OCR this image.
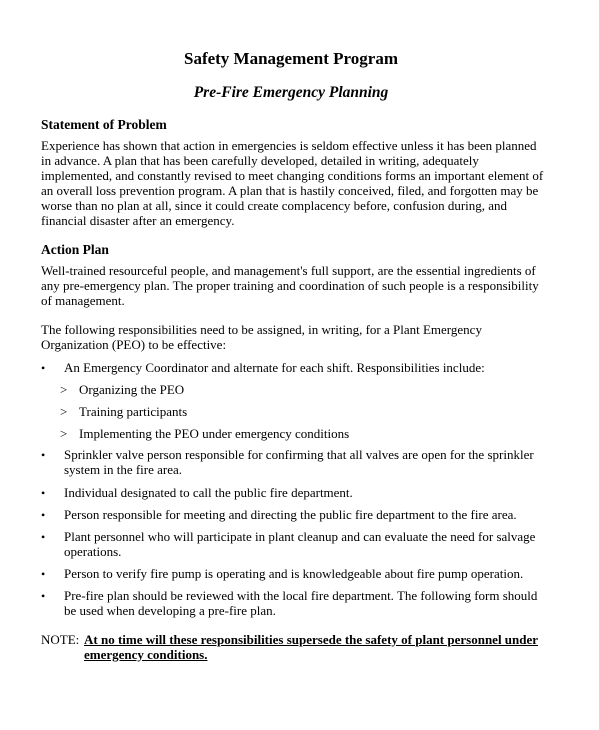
Safety Management Program
Pre-Fire Emergency Planning
Statement of Problem
Experience has shown that action in emergencies is seldom effective unless it has been planned
in advance. A plan that has been carefully developed, detailed in writing, adequately
implemented, and constantly revised to meet changing conditions forms an important element of
an overall loss prevention program. A plan that is hastily conceived, filed, and forgotten may be
worse than no plan at all, since it could create complacency before, confusion during, and
financial disaster after an emergency.
Action Plan
Well-trained resourceful people, and management's full support, are the essential ingredients of
any pre-emergency plan. The proper training and coordination of such people is a responsibility
of management.
The following responsibilities need to be assigned, in writing, for a Plant Emergency
Organization (PEO) to be effective:
• An Emergency Coordinator and alternate for each shift. Responsibilities include:
> Organizing the PEO
> Training participants
> Implementing the PEO under emergency conditions
• Sprinkler valve person responsible for confirming that all valves are open for the sprinkler
system in the fire area.
• Individual designated to call the public fire department.
• Person responsible for meeting and directing the public fire department to the fire area.
• Plant personnel who will participate in plant cleanup and can evaluate the need for salvage
operations.
• Person to verify fire pump is operating and is knowledgeable about fire pump operation.
• Pre-fire plan should be reviewed with the local fire department. The following form should
be used when developing a pre-fire plan.
NOTE: At no time will these responsibilities supersede the safety of plant personnel under
emergency conditions.
